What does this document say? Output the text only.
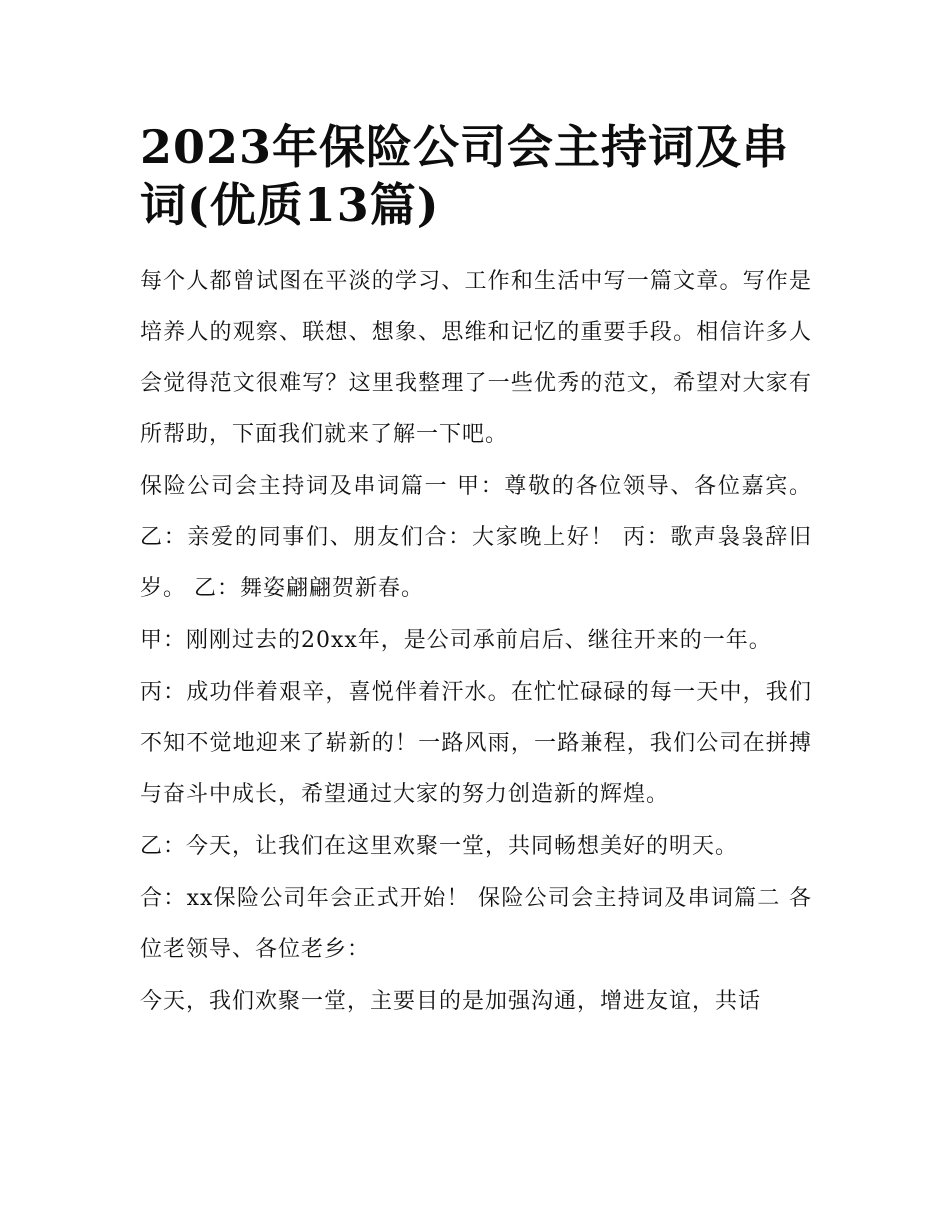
2023年保险公司会主持词及串词(优质13篇)

每个人都曾试图在平淡的学习、工作和生活中写一篇文章。写作是培养人的观察、联想、想象、思维和记忆的重要手段。相信许多人会觉得范文很难写？这里我整理了一些优秀的范文，希望对大家有所帮助，下面我们就来了解一下吧。

保险公司会主持词及串词篇一 甲：尊敬的各位领导、各位嘉宾。 乙：亲爱的同事们、朋友们合：大家晚上好！ 丙：歌声袅袅辞旧岁。 乙：舞姿翩翩贺新春。

甲：刚刚过去的20xx年，是公司承前启后、继往开来的一年。

丙：成功伴着艰辛，喜悦伴着汗水。在忙忙碌碌的每一天中，我们不知不觉地迎来了崭新的！一路风雨，一路兼程，我们公司在拼搏与奋斗中成长，希望通过大家的努力创造新的辉煌。

乙：今天，让我们在这里欢聚一堂，共同畅想美好的明天。

合：xx保险公司年会正式开始！ 保险公司会主持词及串词篇二 各位老领导、各位老乡：

今天，我们欢聚一堂，主要目的是加强沟通，增进友谊，共话
